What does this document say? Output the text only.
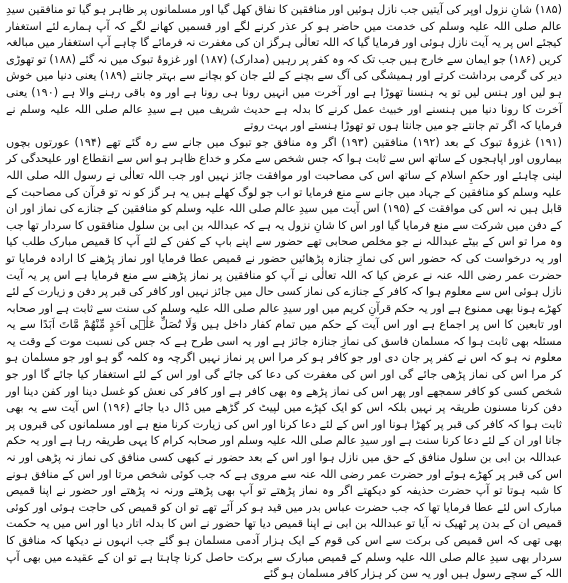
(۱۸۵) شانِ نزول اوپر کی آیتیں جب نازل ہوئیں اور منافقین کا نفاق کھل گیا اور مسلمانوں پر ظاہر ہو گیا تو منافقین سیدِ عالم صلی اللہ علیہ وسلم کی خدمت میں حاضر ہو کر عذر کرنے لگے اور قسمیں کھانے لگے کہ آپ ہمارے لئے استغفار کیجئے اس پر یہ آیت نازل ہوئی اور فرمایا گیا کہ اللہ تعالٰی ہرگز ان کی مغفرت نہ فرمائے گا چاہے آپ استغفار میں مبالغہ کریں (۱۸۶) جو ایمان سے خارج ہیں جب تک کہ وہ کفر پر رہیں (مدارک) (۱۸۷) اور غزوۂ تبوک میں نہ گئے (۱۸۸) تو تھوڑی دیر کی گرمی برداشت کرتے اور ہمیشگی کی آگ سے بچنے کے لئے جان کو بچانے سے بہتر جانتے (۱۸۹) یعنی دنیا میں خوش ہو لیں اور ہنس لیں تو یہ ہنسنا تھوڑا ہے اور آخرت میں انہیں رونا ہی رونا ہے اور وہ باقی رہنے والا ہے (۱۹۰) یعنی آخرت کا رونا دنیا میں ہنسنے اور خبیث عمل کرنے کا بدلہ ہے حدیث شریف میں ہے سیدِ عالم صلی اللہ علیہ وسلم نے فرمایا کہ اگر تم جانتے جو میں جانتا ہوں تو تھوڑا ہنستے اور بہت روتے

(۱۹۱) غزوۂ تبوک کے بعد (۱۹۲) منافقین (۱۹۳) اگر وہ منافق جو تبوک میں جانے سے رہ گئے تھے (۱۹۴) عورتوں بچوں بیماروں اور اپاہجوں کے ساتھ اس سے ثابت ہوا کہ جس شخص سے مکر و خداع ظاہر ہو اس سے انقطاع اور علیحدگی کر لینی چاہئے اور حکمِ اسلام کے ساتھ اس کی مصاحبت اور موافقت جائز نہیں اور جب اللہ تعالٰی نے رسول اللہ صلی اللہ علیہ وسلم کو منافقین کے جہاد میں جانے سے منع فرمایا تو اب جو لوگ کھلے ہیں یہ ہر گز کو نہ تو قرآن کی مصاحبت کے قابل ہیں نہ اس کی موافقت کے (۱۹۵) اس آیت میں سیدِ عالم صلی اللہ علیہ وسلم کو منافقین کے جنازے کی نماز اور ان کے دفن میں شرکت سے منع فرمایا گیا اور اس کا شانِ نزول یہ ہے کہ عبداللہ بن ابی بن سلول منافقوں کا سردار تھا جب وہ مرا تو اس کے بیٹے عبداللہ نے جو مخلص صحابی تھے حضور سے اپنے باپ کے کفن کے لئے آپ کا قمیص مبارک طلب کیا اور یہ درخواست کی کہ حضور اس کی نمازِ جنازہ پڑھائیں حضور نے قمیص عطا فرمایا اور نماز پڑھنے کا ارادہ فرمایا تو حضرت عمر رضی اللہ عنہ نے عرض کیا کہ اللہ تعالٰی نے آپ کو منافقین پر نماز پڑھنے سے منع فرمایا ہے اس پر یہ آیت نازل ہوئی اس سے معلوم ہوا کہ کافر کے جنازے کی نماز کسی حال میں جائز نہیں اور کافر کی قبر پر دفن و زیارت کے لئے کھڑے ہونا بھی ممنوع ہے اور یہ حکم قرآنِ کریم میں اور سیدِ عالم صلی اللہ علیہ وسلم کی سنت سے ثابت ہے اور صحابہ اور تابعین کا اس پر اجماع ہے اور اس آیت کے حکم میں تمام کفار داخل ہیں وَلَا تُصَلِّ عَلٰۤی اَحَدٍ مِّنْهُمْ مَّاتَ اَبَدًا سے یہ مسئلہ بھی ثابت ہوا کہ مسلمان فاسق کی نمازِ جنازہ جائز ہے اور یہ اسی طرح ہے کہ جس کی نسبت موت کے وقت یہ معلوم نہ ہو کہ اس نے کفر پر جان دی اور جو کافر ہو کر مرا اس پر نماز نہیں اگرچہ وہ کلمہ گو ہو اور جو مسلمان ہو کر مرا اس کی نماز پڑھی جائے گی اور اس کی مغفرت کی دعا کی جائے گی اور اس کے لئے استغفار کیا جائے گا اور جو شخص کسی کو کافر سمجھے اور پھر اس کی نماز پڑھے وہ بھی کافر ہے اور کافر کی نعش کو غسل دینا اور کفن دینا اور دفن کرنا مسنون طریقہ پر نہیں بلکہ اس کو ایک کپڑے میں لپیٹ کر گڑھے میں ڈال دیا جائے (۱۹۶) اس آیت سے یہ بھی ثابت ہوا کہ کافر کی قبر پر کھڑا ہونا اور اس کے لئے دعا کرنا اور اس کی زیارت کرنا منع ہے اور مسلمانوں کی قبروں پر جانا اور ان کے لئے دعا کرنا سنت ہے اور سیدِ عالم صلی اللہ علیہ وسلم اور صحابہ کرام کا یہی طریقہ رہا ہے اور یہ حکم عبداللہ بن ابی بن سلول منافق کے حق میں نازل ہوا اور اس کے بعد حضور نے کبھی کسی منافق کی نماز نہ پڑھی اور نہ اس کی قبر پر کھڑے ہوئے اور حضرت عمر رضی اللہ عنہ سے مروی ہے کہ جب کوئی شخص مرتا اور اس کے منافق ہونے کا شبہ ہوتا تو آپ حضرت حذیفہ کو دیکھتے اگر وہ نماز پڑھتے تو آپ بھی پڑھتے ورنہ نہ پڑھتے اور حضور نے اپنا قمیص مبارک اس لئے عطا فرمایا تھا کہ جب حضرت عباس بدر میں قید ہو کر آئے تھے تو ان کو قمیص کی حاجت ہوئی اور کوئی قمیص ان کے بدن پر ٹھیک نہ آیا تو عبداللہ بن ابی نے اپنا قمیص دیا تھا حضور نے اس کا بدلہ اتار دیا اور اس میں یہ حکمت بھی تھی کہ اس قمیص کی برکت سے اس کی قوم کے ایک ہزار آدمی مسلمان ہو گئے جب انہوں نے دیکھا کہ منافق کا سردار بھی سیدِ عالم صلی اللہ علیہ وسلم کے قمیص مبارک سے برکت حاصل کرنا چاہتا ہے تو ان کے عقیدے میں بھی آپ اللہ کے سچے رسول ہیں اور یہ سن کر ہزار کافر مسلمان ہو گئے
